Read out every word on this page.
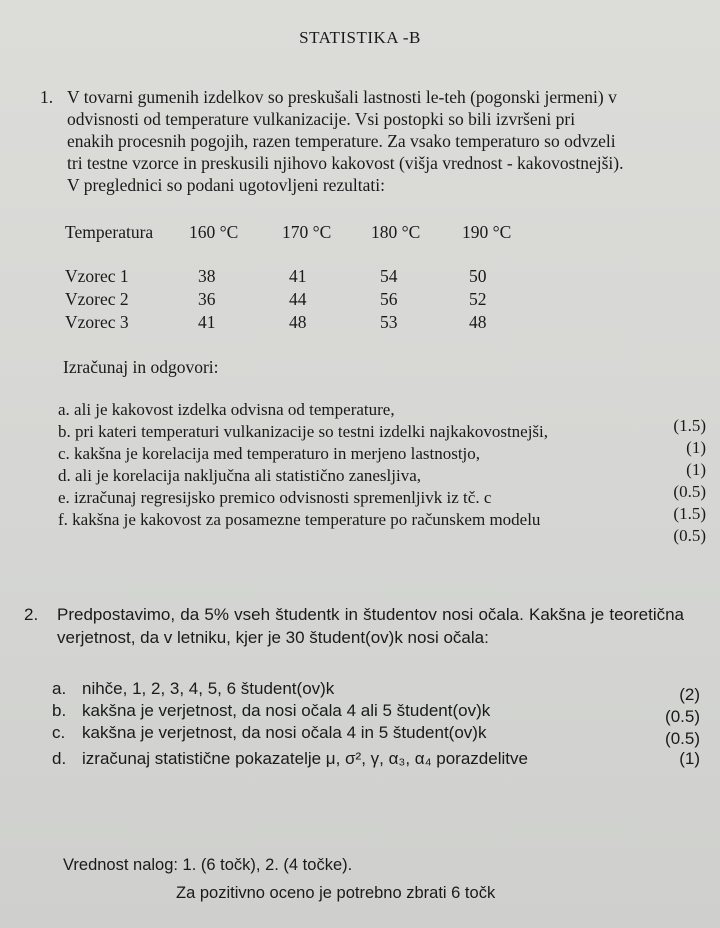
STATISTIKA -B
1. V tovarni gumenih izdelkov so preskušali lastnosti le-teh (pogonski jermeni) v
odvisnosti od temperature vulkanizacije. Vsi postopki so bili izvršeni pri
enakih procesnih pogojih, razen temperature. Za vsako temperaturo so odvzeli
tri testne vzorce in preskusili njihovo kakovost (višja vrednost - kakovostnejši).
V preglednici so podani ugotovljeni rezultati:
Temperatura 160 °C 170 °C 180 °C 190 °C
Vzorec 1	38	41	54	50
Vzorec 2	36	44	56	52
Vzorec 3	41	48	53	48
Izračunaj in odgovori:
a. ali je kakovost izdelka odvisna od temperature,
(1.5)
b. pri kateri temperaturi vulkanizacije so testni izdelki najkakovostnejši,
(1)
c. kakšna je korelacija med temperaturo in merjeno lastnostjo,
(1)
d. ali je korelacija naključna ali statistično zanesljiva,
(0.5)
e. izračunaj regresijsko premico odvisnosti spremenljivk iz tč. c
(1.5)
f. kakšna je kakovost za posamezne temperature po računskem modelu
(0.5)
2. Predpostavimo, da 5% vseh študentk in študentov nosi očala. Kakšna je teoretična verjetnost, da v letniku, kjer je 30 študent(ov)k nosi očala:
a. nihče, 1, 2, 3, 4, 5, 6 študent(ov)k	(2)
b. kakšna je verjetnost, da nosi očala 4 ali 5 študent(ov)k	(0.5)
c. kakšna je verjetnost, da nosi očala 4 in 5 študent(ov)k	(0.5)
d. izračunaj statistične pokazatelje μ, σ², γ, α₃, α₄ porazdelitve	(1)
Vrednost nalog: 1. (6 točk), 2. (4 točke).
Za pozitivno oceno je potrebno zbrati 6 točk
